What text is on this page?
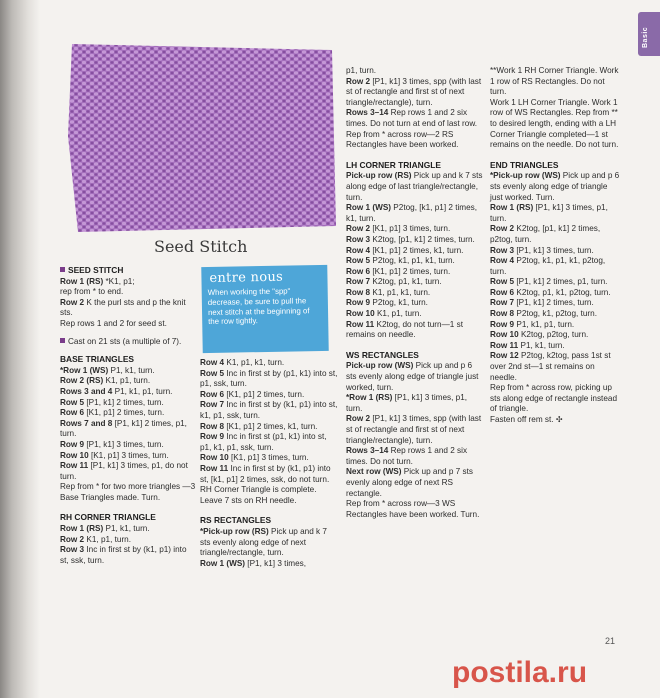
Seed Stitch

entre nous

When working the "spp" decrease, be sure to pull the next stitch at the beginning of the row tightly.

SEED STITCH

Row 1 (RS) *K1, p1;

rep from * to end.

Row 2 K the purl sts and p the knit sts.

Rep rows 1 and 2 for seed st.

Cast on 21 sts (a multiple of 7).

BASE TRIANGLES

*Row 1 (WS) P1, k1, turn.

Row 2 (RS) K1, p1, turn.

Rows 3 and 4 P1, k1, p1, turn.

Row 5 [P1, k1] 2 times, turn.

Row 6 [K1, p1] 2 times, turn.

Rows 7 and 8 [P1, k1] 2 times, p1, turn.

Row 9 [P1, k1] 3 times, turn.

Row 10 [K1, p1] 3 times, turn.

Row 11 [P1, k1] 3 times, p1, do not turn.

Rep from * for two more triangles —3 Base Triangles made. Turn.

RH CORNER TRIANGLE

Row 1 (RS) P1, k1, turn.

Row 2 K1, p1, turn.

Row 3 Inc in first st by (k1, p1) into st, ssk, turn.

Row 4 K1, p1, k1, turn.

Row 5 Inc in first st by (p1, k1) into st, p1, ssk, turn.

Row 6 [K1, p1] 2 times, turn.

Row 7 Inc in first st by (k1, p1) into st, k1, p1, ssk, turn.

Row 8 [K1, p1] 2 times, k1, turn.

Row 9 Inc in first st (p1, k1) into st, p1, k1, p1, ssk, turn.

Row 10 [K1, p1] 3 times, turn.

Row 11 Inc in first st by (k1, p1) into st, [k1, p1] 2 times, ssk, do not turn.

RH Corner Triangle is complete. Leave 7 sts on RH needle.

RS RECTANGLES

*Pick-up row (RS) Pick up and k 7 sts evenly along edge of next triangle/rectangle, turn.

Row 1 (WS) [P1, k1] 3 times,

p1, turn.

Row 2 [P1, k1] 3 times, spp (with last st of rectangle and first st of next triangle/rectangle), turn.

Rows 3–14 Rep rows 1 and 2 six times. Do not turn at end of last row.

Rep from * across row—2 RS Rectangles have been worked.

LH CORNER TRIANGLE

Pick-up row (RS) Pick up and k 7 sts along edge of last triangle/rectangle, turn.

Row 1 (WS) P2tog, [k1, p1] 2 times, k1, turn.

Row 2 [K1, p1] 3 times, turn.

Row 3 K2tog, [p1, k1] 2 times, turn.

Row 4 [K1, p1] 2 times, k1, turn.

Row 5 P2tog, k1, p1, k1, turn.

Row 6 [K1, p1] 2 times, turn.

Row 7 K2tog, p1, k1, turn.

Row 8 K1, p1, k1, turn.

Row 9 P2tog, k1, turn.

Row 10 K1, p1, turn.

Row 11 K2tog, do not turn—1 st remains on needle.

WS RECTANGLES

Pick-up row (WS) Pick up and p 6 sts evenly along edge of triangle just worked, turn.

*Row 1 (RS) [P1, k1] 3 times, p1, turn.

Row 2 [P1, k1] 3 times, spp (with last st of rectangle and first st of next triangle/rectangle), turn.

Rows 3–14 Rep rows 1 and 2 six times. Do not turn.

Next row (WS) Pick up and p 7 sts evenly along edge of next RS rectangle.

Rep from * across row—3 WS Rectangles have been worked. Turn.

**Work 1 RH Corner Triangle. Work 1 row of RS Rectangles. Do not turn.

Work 1 LH Corner Triangle. Work 1 row of WS Rectangles. Rep from ** to desired length, ending with a LH Corner Triangle completed—1 st remains on the needle. Do not turn.

END TRIANGLES

*Pick-up row (WS) Pick up and p 6 sts evenly along edge of triangle just worked. Turn.

Row 1 (RS) [P1, k1] 3 times, p1, turn.

Row 2 K2tog, [p1, k1] 2 times, p2tog, turn.

Row 3 [P1, k1] 3 times, turn.

Row 4 P2tog, k1, p1, k1, p2tog, turn.

Row 5 [P1, k1] 2 times, p1, turn.

Row 6 K2tog, p1, k1, p2tog, turn.

Row 7 [P1, k1] 2 times, turn.

Row 8 P2tog, k1, p2tog, turn.

Row 9 P1, k1, p1, turn.

Row 10 K2tog, p2tog, turn.

Row 11 P1, k1, turn.

Row 12 P2tog, k2tog, pass 1st st over 2nd st—1 st remains on needle.

Rep from * across row, picking up sts along edge of rectangle instead of triangle.

Fasten off rem st. ✣

Basic
21
postila.ru
